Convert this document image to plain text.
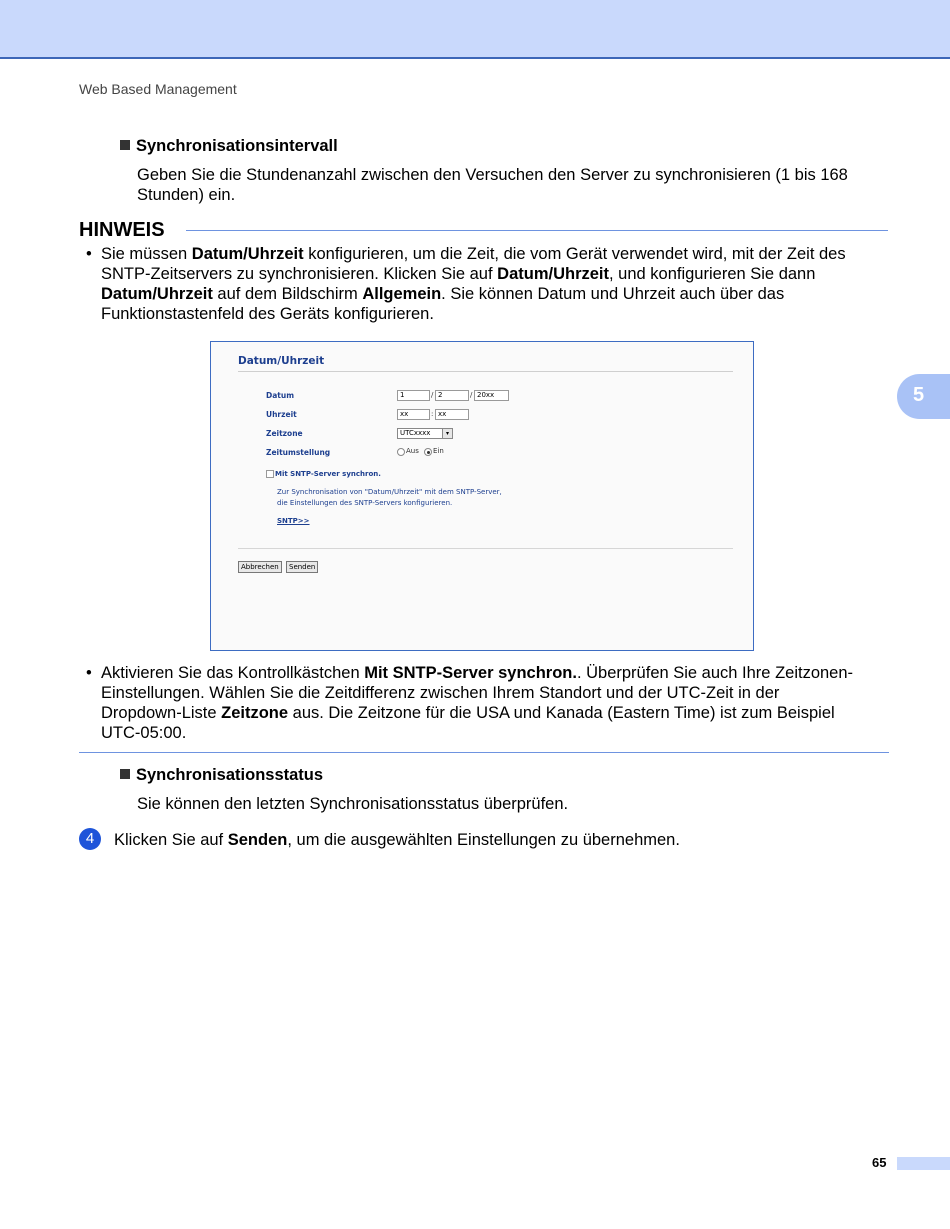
Web Based Management
5
Synchronisationsintervall
Geben Sie die Stundenanzahl zwischen den Versuchen den Server zu synchronisieren (1 bis 168
Stunden) ein.
HINWEIS
• Sie müssen Datum/Uhrzeit konfigurieren, um die Zeit, die vom Gerät verwendet wird, mit der Zeit des
SNTP-Zeitservers zu synchronisieren. Klicken Sie auf Datum/Uhrzeit, und konfigurieren Sie dann
Datum/Uhrzeit auf dem Bildschirm Allgemein. Sie können Datum und Uhrzeit auch über das
Funktionstastenfeld des Geräts konfigurieren.
Datum/Uhrzeit
Datum	1	/ 2	/ 20xx
Uhrzeit	xx	: xx
Zeitzone	UTCxxxx	▾
Zeitumstellung	Aus Ein
Mit SNTP-Server synchron.
Zur Synchronisation von "Datum/Uhrzeit" mit dem SNTP-Server,
die Einstellungen des SNTP-Servers konfigurieren.
SNTP>>
Abbrechen	Senden
• Aktivieren Sie das Kontrollkästchen Mit SNTP-Server synchron.. Überprüfen Sie auch Ihre Zeitzonen-
Einstellungen. Wählen Sie die Zeitdifferenz zwischen Ihrem Standort und der UTC-Zeit in der
Dropdown-Liste Zeitzone aus. Die Zeitzone für die USA und Kanada (Eastern Time) ist zum Beispiel
UTC-05:00.
Synchronisationsstatus
Sie können den letzten Synchronisationsstatus überprüfen.
4	Klicken Sie auf Senden, um die ausgewählten Einstellungen zu übernehmen.
65
